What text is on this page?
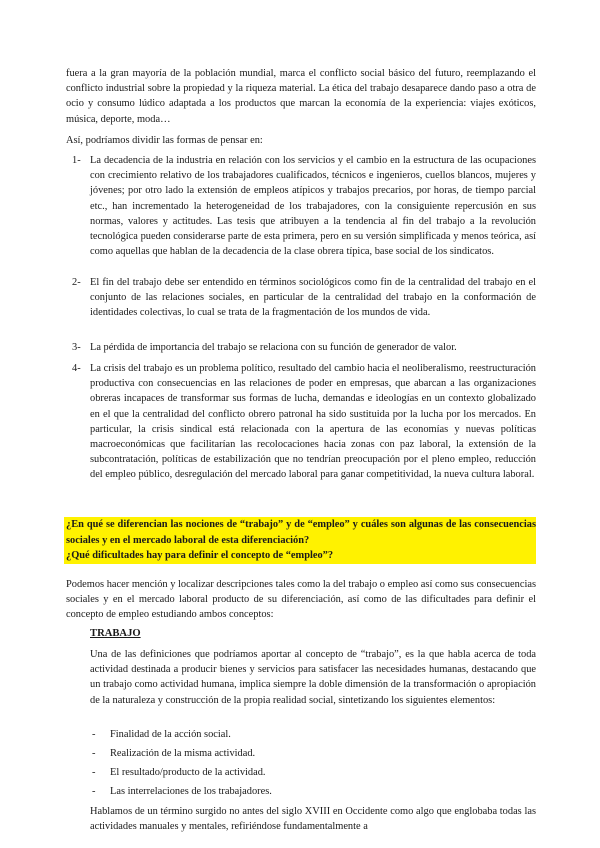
fuera a la gran mayoría de la población mundial, marca el conflicto social básico del futuro, reemplazando el conflicto industrial sobre la propiedad y la riqueza material. La ética del trabajo desaparece dando paso a otra de ocio y consumo lúdico adaptada a los productos que marcan la economía de la experiencia: viajes exóticos, música, deporte, moda…

Así, podríamos dividir las formas de pensar en:

1- La decadencia de la industria en relación con los servicios y el cambio en la estructura de las ocupaciones con crecimiento relativo de los trabajadores cualificados, técnicos e ingenieros, cuellos blancos, mujeres y jóvenes; por otro lado la extensión de empleos atípicos y trabajos precarios, por horas, de tiempo parcial etc., han incrementado la heterogeneidad de los trabajadores, con la consiguiente repercusión en sus normas, valores y actitudes. Las tesis que atribuyen a la tendencia al fin del trabajo a la revolución tecnológica pueden considerarse parte de esta primera, pero en su versión simplificada y menos teórica, así como aquellas que hablan de la decadencia de la clase obrera típica, base social de los sindicatos.

2- El fin del trabajo debe ser entendido en términos sociológicos como fin de la centralidad del trabajo en el conjunto de las relaciones sociales, en particular de la centralidad del trabajo en la conformación de identidades colectivas, lo cual se trata de la fragmentación de los mundos de vida.

3- La pérdida de importancia del trabajo se relaciona con su función de generador de valor.

4- La crisis del trabajo es un problema político, resultado del cambio hacia el neoliberalismo, reestructuración productiva con consecuencias en las relaciones de poder en empresas, que abarcan a las organizaciones obreras incapaces de transformar sus formas de lucha, demandas e ideologías en un contexto globalizado en el que la centralidad del conflicto obrero patronal ha sido sustituida por la lucha por los mercados. En particular, la crisis sindical está relacionada con la apertura de las economías y nuevas políticas macroeconómicas que facilitarían las recolocaciones hacia zonas con paz laboral, la extensión de la subcontratación, políticas de estabilización que no tendrían preocupación por el pleno empleo, reducción del empleo público, desregulación del mercado laboral para ganar competitividad, la nueva cultura laboral.

¿En qué se diferencian las nociones de “trabajo” y de “empleo” y cuáles son algunas de las consecuencias sociales y en el mercado laboral de esta diferenciación?

¿Qué dificultades hay para definir el concepto de “empleo”?

Podemos hacer mención y localizar descripciones tales como la del trabajo o empleo así como sus consecuencias sociales y en el mercado laboral producto de su diferenciación, así como de las dificultades para definir el concepto de empleo estudiando ambos conceptos:

TRABAJO

Una de las definiciones que podríamos aportar al concepto de “trabajo”, es la que habla acerca de toda actividad destinada a producir bienes y servicios para satisfacer las necesidades humanas, destacando que un trabajo como actividad humana, implica siempre la doble dimensión de la transformación o apropiación de la naturaleza y construcción de la propia realidad social, sintetizando los siguientes elementos:

- Finalidad de la acción social.

- Realización de la misma actividad.

- El resultado/producto de la actividad.

- Las interrelaciones de los trabajadores.

Hablamos de un término surgido no antes del siglo XVIII en Occidente como algo que englobaba todas las actividades manuales y mentales, refiriéndose fundamentalmente a
